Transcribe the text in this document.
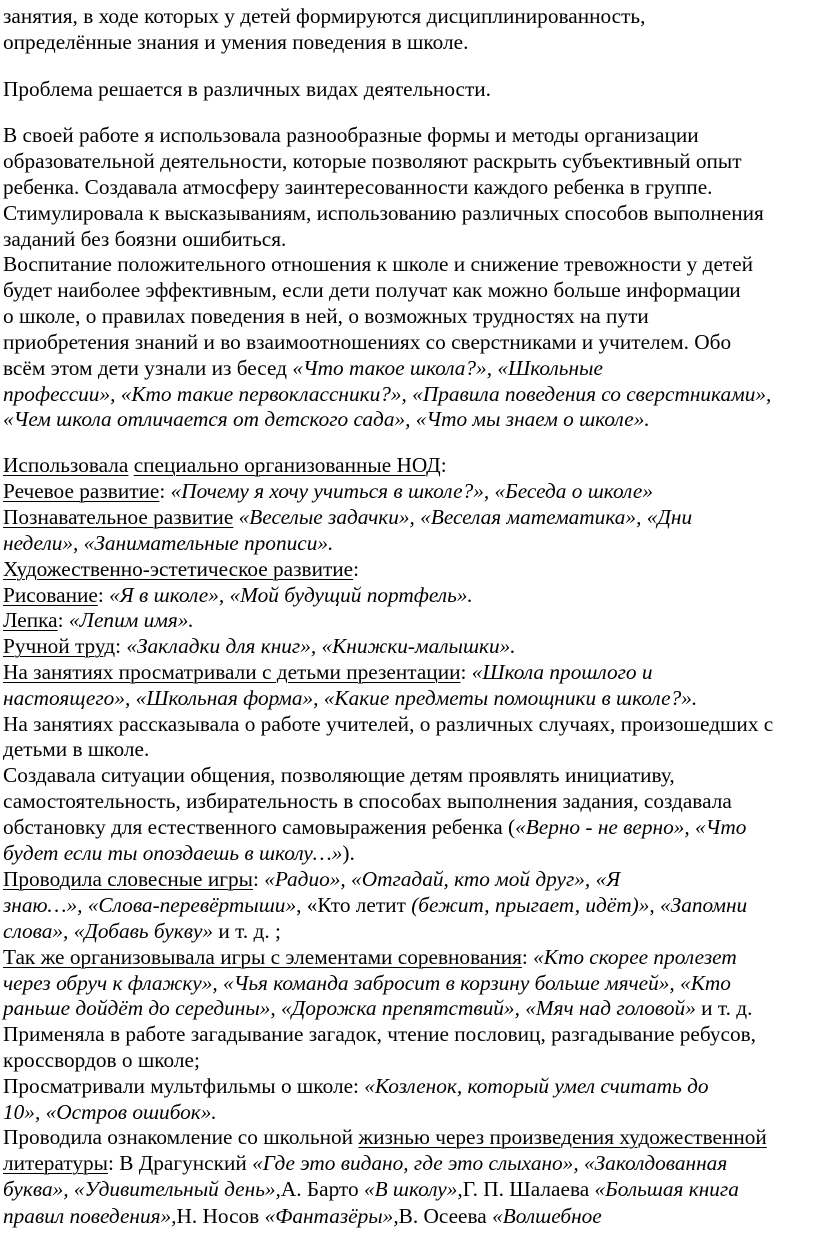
занятия, в ходе которых у детей формируются дисциплинированность,
определённые знания и умения поведения в школе.
Проблема решается в различных видах деятельности.
В своей работе я использовала разнообразные формы и методы организации
образовательной деятельности, которые позволяют раскрыть субъективный опыт
ребенка. Создавала атмосферу заинтересованности каждого ребенка в группе.
Стимулировала к высказываниям, использованию различных способов выполнения
заданий без боязни ошибиться.
Воспитание положительного отношения к школе и снижение тревожности у детей
будет наиболее эффективным, если дети получат как можно больше информации
о школе, о правилах поведения в ней, о возможных трудностях на пути
приобретения знаний и во взаимоотношениях со сверстниками и учителем. Обо
всём этом дети узнали из бесед «Что такое школа?», «Школьные
профессии», «Кто такие первоклассники?», «Правила поведения со сверстниками»,
«Чем школа отличается от детского сада», «Что мы знаем о школе».
Использовала специально организованные НОД:
Речевое развитие: «Почему я хочу учиться в школе?», «Беседа о школе»
Познавательное развитие «Веселые задачки», «Веселая математика», «Дни
недели», «Занимательные прописи».
Художественно-эстетическое развитие:
Рисование: «Я в школе», «Мой будущий портфель».
Лепка: «Лепим имя».
Ручной труд: «Закладки для книг», «Книжки-малышки».
На занятиях просматривали с детьми презентации: «Школа прошлого и
настоящего», «Школьная форма», «Какие предметы помощники в школе?».
На занятиях рассказывала о работе учителей, о различных случаях, произошедших с
детьми в школе.
Создавала ситуации общения, позволяющие детям проявлять инициативу,
самостоятельность, избирательность в способах выполнения задания, создавала
обстановку для естественного самовыражения ребенка («Верно - не верно», «Что
будет если ты опоздаешь в школу…»).
Проводила словесные игры: «Радио», «Отгадай, кто мой друг», «Я
знаю…», «Слова-перевёртыши», «Кто летит (бежит, прыгает, идёт)», «Запомни
слова», «Добавь букву» и т. д. ;
Так же организовывала игры с элементами соревнования: «Кто скорее пролезет
через обруч к флажку», «Чья команда забросит в корзину больше мячей», «Кто
раньше дойдёт до середины», «Дорожка препятствий», «Мяч над головой» и т. д.
Применяла в работе загадывание загадок, чтение пословиц, разгадывание ребусов,
кроссвордов о школе;
Просматривали мультфильмы о школе: «Козленок, который умел считать до
10», «Остров ошибок».
Проводила ознакомление со школьной жизнью через произведения художественной
литературы: В Драгунский «Где это видано, где это слыхано», «Заколдованная
буква», «Удивительный день»,А. Барто «В школу»,Г. П. Шалаева «Большая книга
правил поведения»,Н. Носов «Фантазёры»,В. Осеева «Волшебное
